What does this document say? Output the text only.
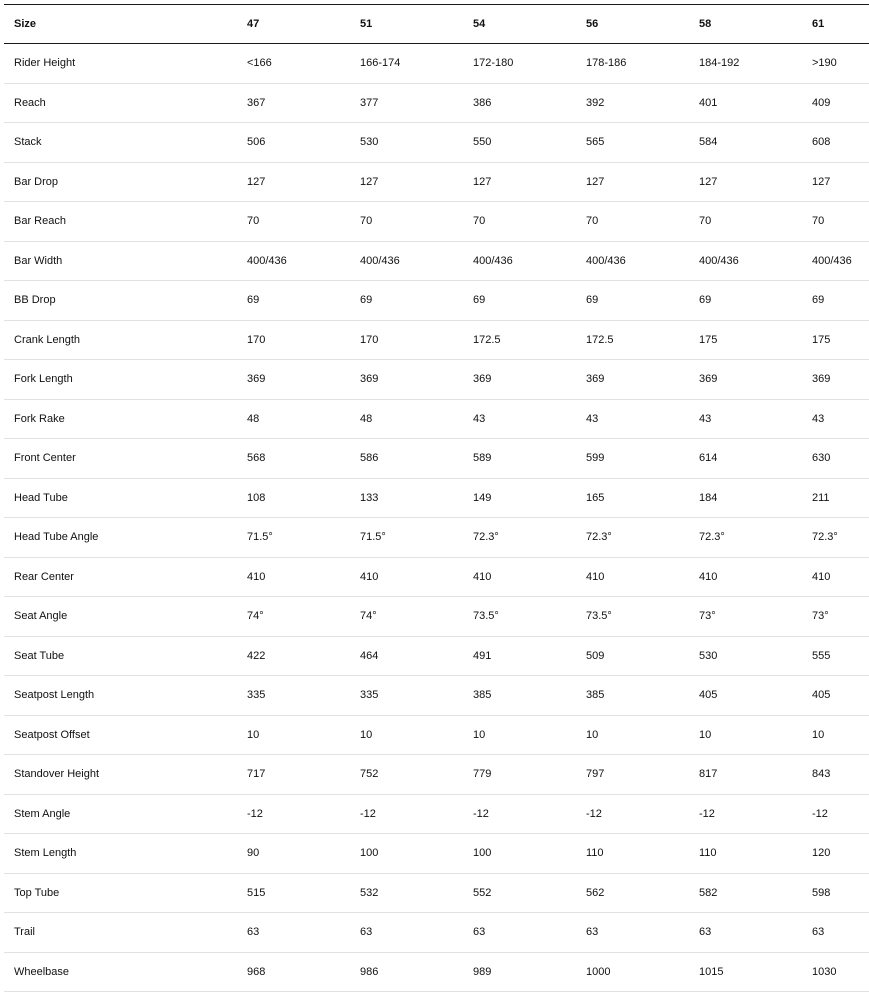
Size	47	51	54	56	58	61
Rider Height	<166	166-174	172-180	178-186	184-192	>190
Reach	367	377	386	392	401	409
Stack	506	530	550	565	584	608
Bar Drop	127	127	127	127	127	127
Bar Reach	70	70	70	70	70	70
Bar Width	400/436	400/436	400/436	400/436	400/436	400/436
BB Drop	69	69	69	69	69	69
Crank Length	170	170	172.5	172.5	175	175
Fork Length	369	369	369	369	369	369
Fork Rake	48	48	43	43	43	43
Front Center	568	586	589	599	614	630
Head Tube	108	133	149	165	184	211
Head Tube Angle	71.5°	71.5°	72.3°	72.3°	72.3°	72.3°
Rear Center	410	410	410	410	410	410
Seat Angle	74°	74°	73.5°	73.5°	73°	73°
Seat Tube	422	464	491	509	530	555
Seatpost Length	335	335	385	385	405	405
Seatpost Offset	10	10	10	10	10	10
Standover Height	717	752	779	797	817	843
Stem Angle	-12	-12	-12	-12	-12	-12
Stem Length	90	100	100	110	110	120
Top Tube	515	532	552	562	582	598
Trail	63	63	63	63	63	63
Wheelbase	968	986	989	1000	1015	1030
